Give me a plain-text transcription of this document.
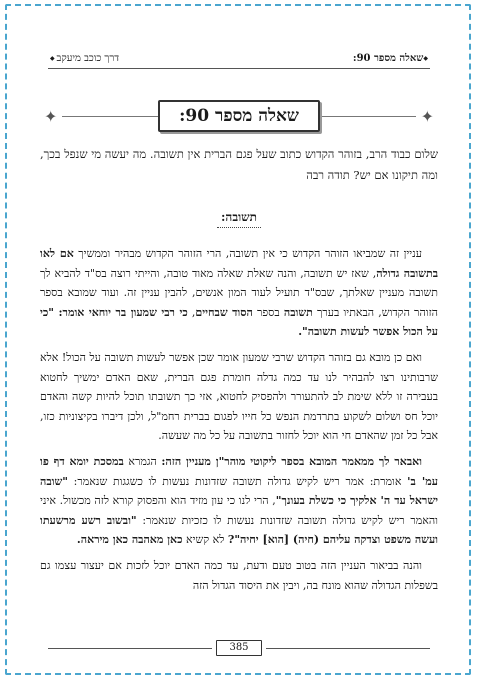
◆ שאלה מספר 90:
דרך כוכב מיעקב ◆
✦
שאלה מספר 90:
✦
שלום כבוד הרב, בזוהר הקדוש כתוב שעל פגם הברית אין תשובה. מה יעשה מי שנפל בכך, ומה תיקונו אם יש? תודה רבה
תשובה:

עניין זה שמביאו הזוהר הקדוש כי אין תשובה, הרי הזוהר הקדוש מבהיר וממשיך אם לאו בתשובה גדולה, שאז יש תשובה, והנה שאלת שאלה מאוד טובה, והייתי רוצה בס"ד להביא לך תשובה מעניין שאלתך, שבס"ד תועיל לעוד המון אנשים, להבין עניין זה. ועוד שמובא בספר הזוהר הקדוש, הבאתיו בערך תשובה בספר הסוד שבחיים, כי רבי שמעון בר יוחאי אומר: "כי על הכול אפשר לעשות תשובה".

ואם כן מובא גם בזוהר הקדוש שרבי שמעון אומר שכן אפשר לעשות תשובה על הכול! אלא שרבותינו רצו להבהיר לנו עד כמה גדלה חומרת פגם הברית, שאם האדם ימשיך לחטוא בעבירה זו ללא שימת לב להתעורר ולהפסיק לחטוא, אזי כך תשובתו תוכל להיות קשה והאדם יוכל חס ושלום לשקוע בתרדמת הנפש כל חייו לפגום בברית רחמ"ל, ולכן דיברו בקיצוניות כזו, אבל כל זמן שהאדם חי הוא יוכל לחזור בתשובה על כל מה שעשה.

ואבאר לך ממאמר המובא בספר ליקוטי מוהר"ן מעניין הזה: הגמרא במסכת יומא דף פו עמ' ב' אומרת: אמר ריש לקיש גדולה תשובה שזדונות נעשות לו כשגגות שנאמר: "שובה ישראל עד ה' אלקיך כי כשלת בעונך", הרי לנו כי עון מזיד הוא והפסוק קורא לזה מכשול. איני והאמר ריש לקיש גדולה תשובה שזדונות נעשות לו כזכיות שנאמר: "ובשוב רשע מרשעתו ועשה משפט וצדקה עליהם (חיה) [הוא] יחיה"? לא קשיא כאן מאהבה כאן מיראה.

והנה בביאור העניין הזה בטוב טעם ודעת, עד כמה האדם יוכל לזכות אם יעצור עצמו גם בשפלות הגדולה שהוא מונח בה, ויבין את היסוד הגדול הזה

385
